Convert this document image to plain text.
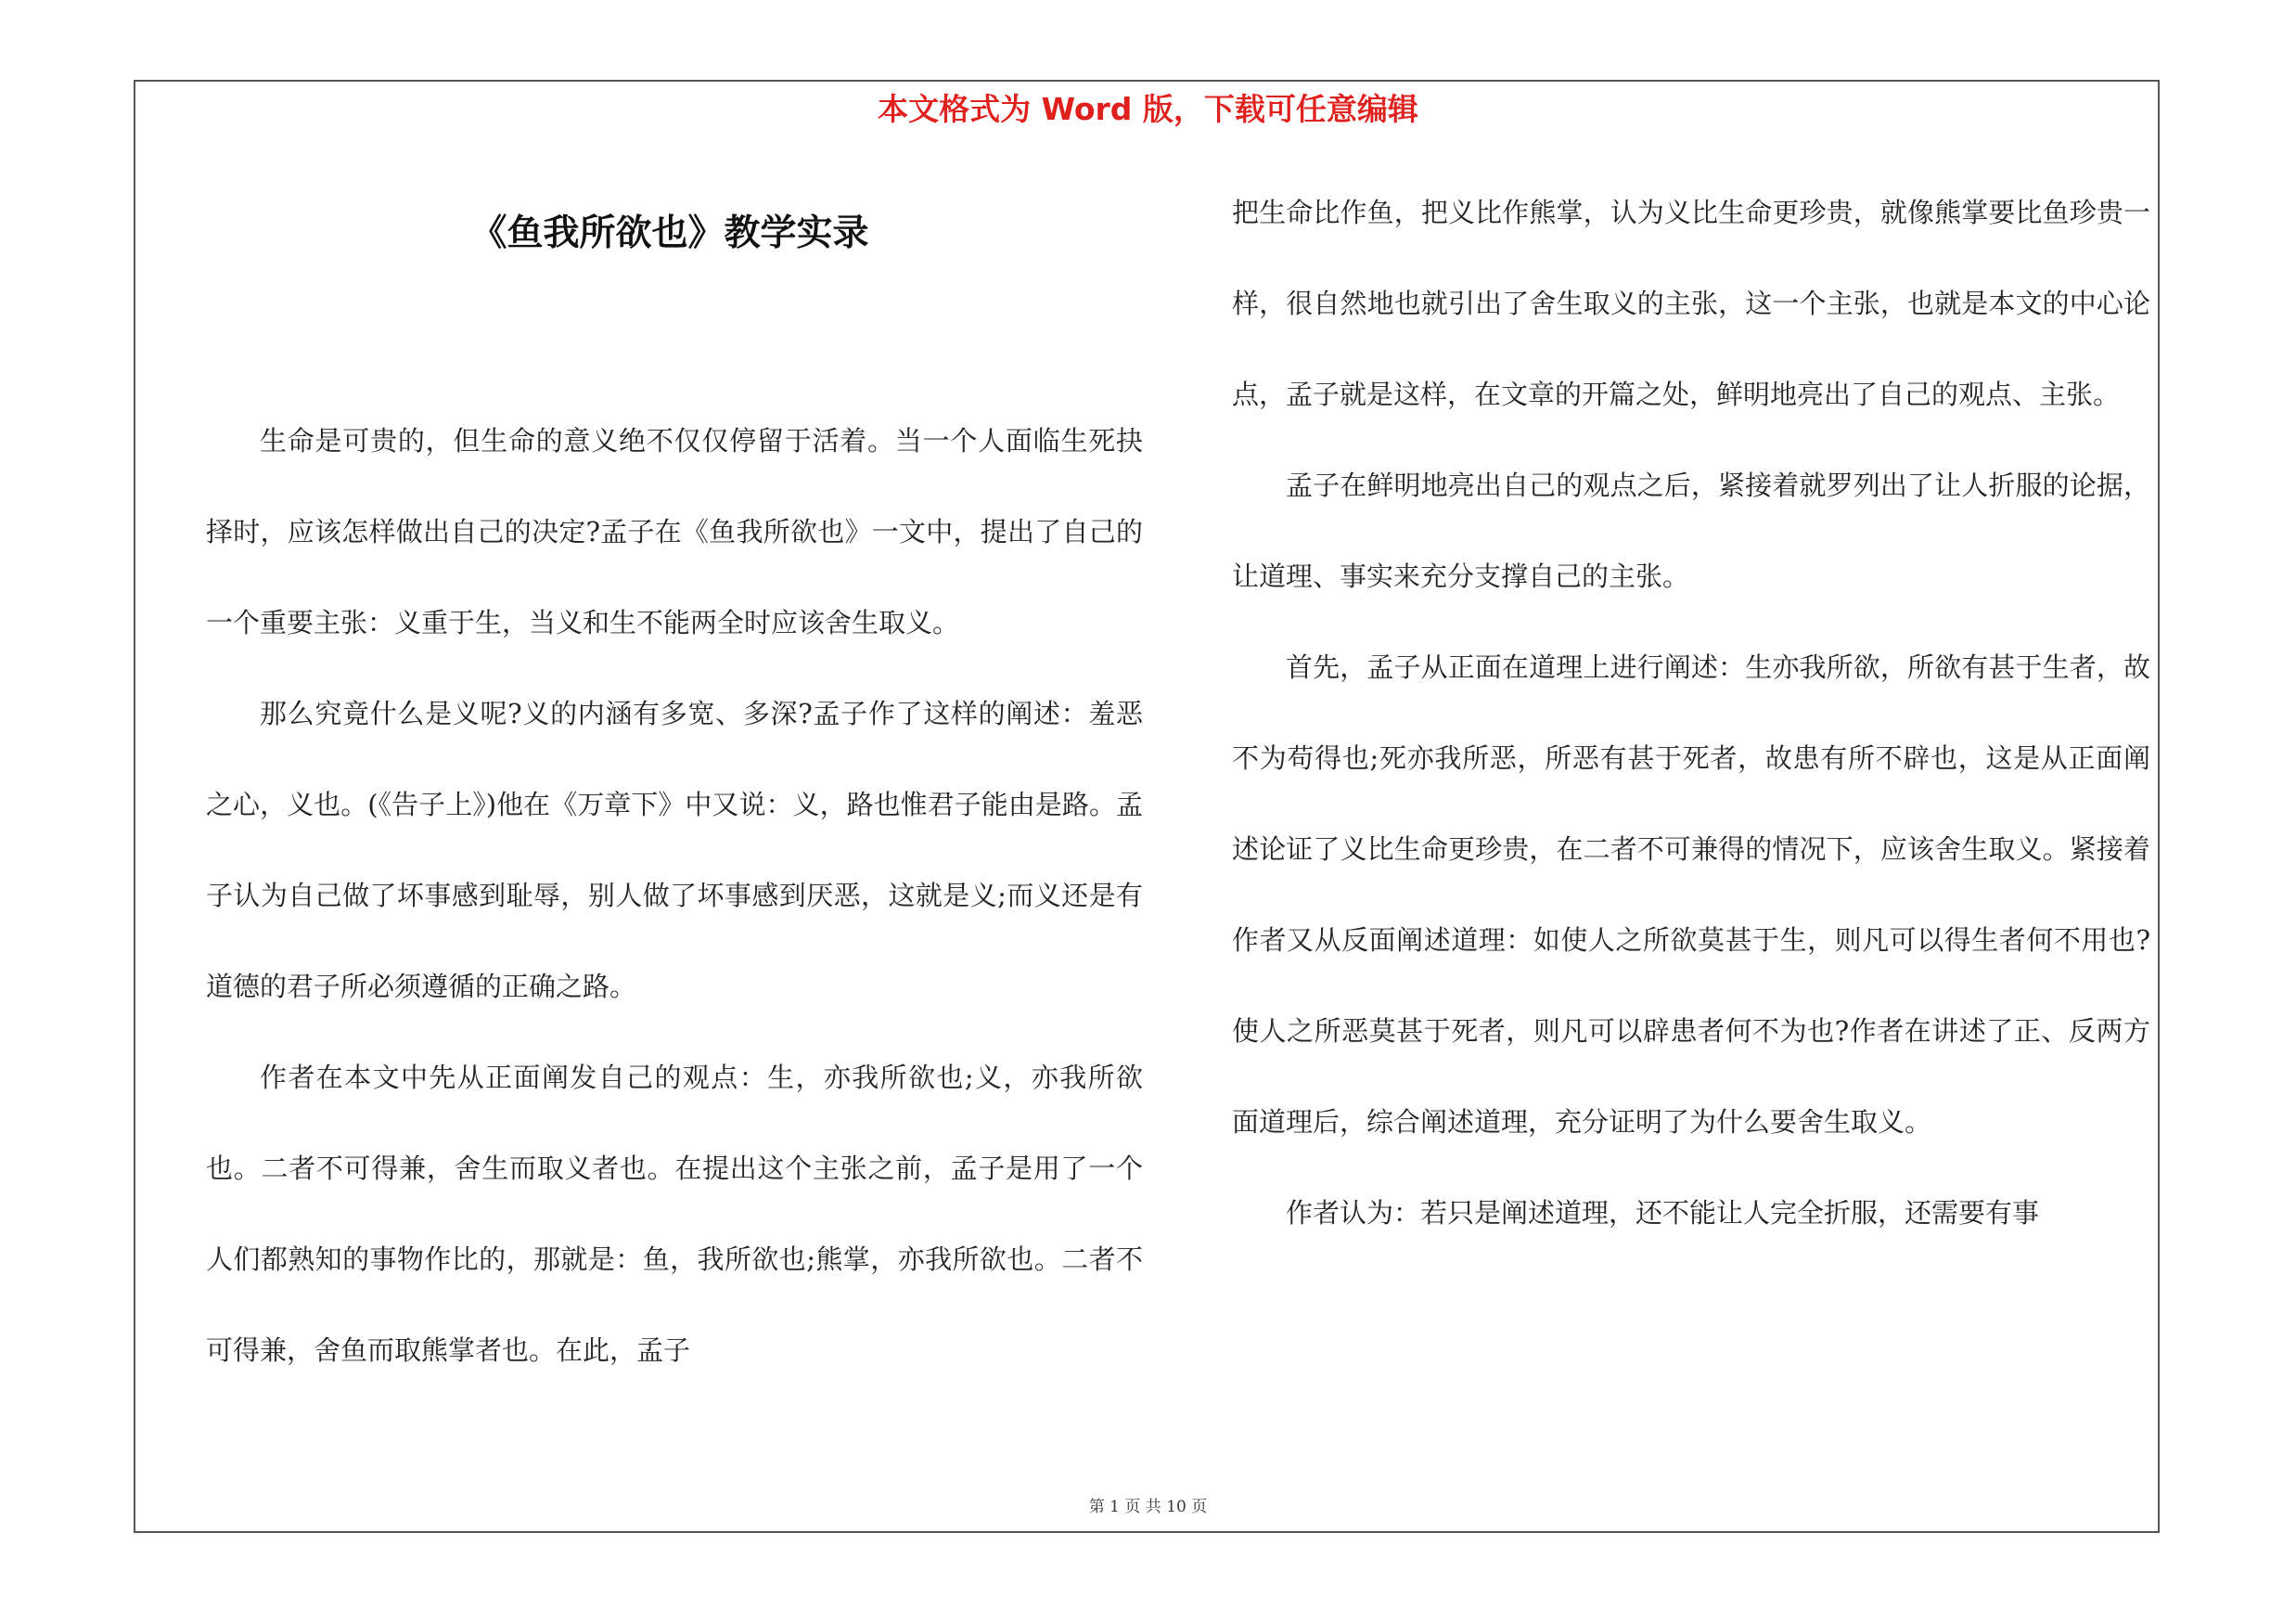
本文格式为 Word 版，下载可任意编辑
《鱼我所欲也》教学实录

生命是可贵的，但生命的意义绝不仅仅停留于活着。当一个人面临生死抉择时，应该怎样做出自己的决定?孟子在《鱼我所欲也》一文中，提出了自己的一个重要主张：义重于生，当义和生不能两全时应该舍生取义。

那么究竟什么是义呢?义的内涵有多宽、多深?孟子作了这样的阐述：羞恶之心，义也。(《告子上》)他在《万章下》中又说：义，路也惟君子能由是路。孟子认为自己做了坏事感到耻辱，别人做了坏事感到厌恶，这就是义;而义还是有道德的君子所必须遵循的正确之路。

作者在本文中先从正面阐发自己的观点：生，亦我所欲也;义，亦我所欲也。二者不可得兼，舍生而取义者也。在提出这个主张之前，孟子是用了一个人们都熟知的事物作比的，那就是：鱼，我所欲也;熊掌，亦我所欲也。二者不可得兼，舍鱼而取熊掌者也。在此，孟子

把生命比作鱼，把义比作熊掌，认为义比生命更珍贵，就像熊掌要比鱼珍贵一样，很自然地也就引出了舍生取义的主张，这一个主张，也就是本文的中心论点，孟子就是这样，在文章的开篇之处，鲜明地亮出了自己的观点、主张。

孟子在鲜明地亮出自己的观点之后，紧接着就罗列出了让人折服的论据，让道理、事实来充分支撑自己的主张。

首先，孟子从正面在道理上进行阐述：生亦我所欲，所欲有甚于生者，故不为苟得也;死亦我所恶，所恶有甚于死者，故患有所不辟也，这是从正面阐述论证了义比生命更珍贵，在二者不可兼得的情况下，应该舍生取义。紧接着作者又从反面阐述道理：如使人之所欲莫甚于生，则凡可以得生者何不用也?使人之所恶莫甚于死者，则凡可以辟患者何不为也?作者在讲述了正、反两方面道理后，综合阐述道理，充分证明了为什么要舍生取义。

作者认为：若只是阐述道理，还不能让人完全折服，还需要有事

第 1 页 共 10 页
